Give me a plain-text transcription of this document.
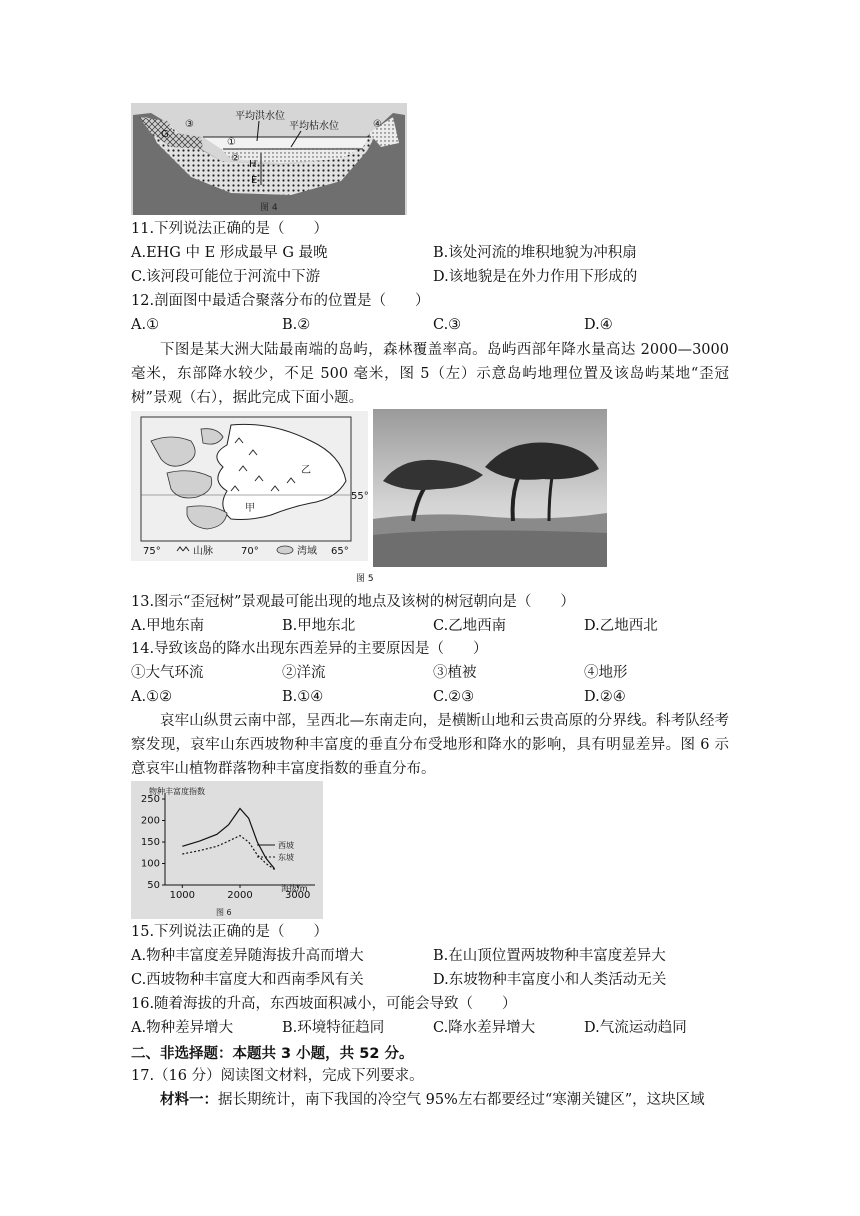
平均洪水位
平均枯水位
③	④
①
②
G
H
E
图 4
11.下列说法正确的是（　　）
A.EHG 中 E 形成最早 G 最晚	B.该处河流的堆积地貌为冲积扇
C.该河段可能位于河流中下游	D.该地貌是在外力作用下形成的
12.剖面图中最适合聚落分布的位置是（　　）
A.①	B.②	C.③	D.④
下图是某大洲大陆最南端的岛屿，森林覆盖率高。岛屿西部年降水量高达 2000—3000 毫米，东部降水较少，不足 500 毫米，图 5（左）示意岛屿地理位置及该岛屿某地“歪冠树”景观（右），据此完成下面小题。
55°
甲
乙
75°	70°	65°
山脉	湾域
图 5
13.图示“歪冠树”景观最可能出现的地点及该树的树冠朝向是（　　）
A.甲地东南	B.甲地东北	C.乙地西南	D.乙地西北
14.导致该岛的降水出现东西差异的主要原因是（　　）
①大气环流	②洋流	③植被	④地形
A.①②	B.①④	C.②③	D.②④
哀牢山纵贯云南中部，呈西北—东南走向，是横断山地和云贵高原的分界线。科考队经考察发现，哀牢山东西坡物种丰富度的垂直分布受地形和降水的影响，具有明显差异。图 6 示意哀牢山植物群落物种丰富度指数的垂直分布。
50
100
150
200
250
1000	2000	3000
物种丰富度指数
海拔/m
西坡
东坡
图 6
15.下列说法正确的是（　　）
A.物种丰富度差异随海拔升高而增大	B.在山顶位置两坡物种丰富度差异大
C.西坡物种丰富度大和西南季风有关	D.东坡物种丰富度小和人类活动无关
16.随着海拔的升高，东西坡面积减小，可能会导致（　　）
A.物种差异增大	B.环境特征趋同	C.降水差异增大	D.气流运动趋同
二、非选择题：本题共 3 小题，共 52 分。
17.（16 分）阅读图文材料，完成下列要求。
材料一：据长期统计，南下我国的冷空气 95%左右都要经过“寒潮关键区”，这块区域
